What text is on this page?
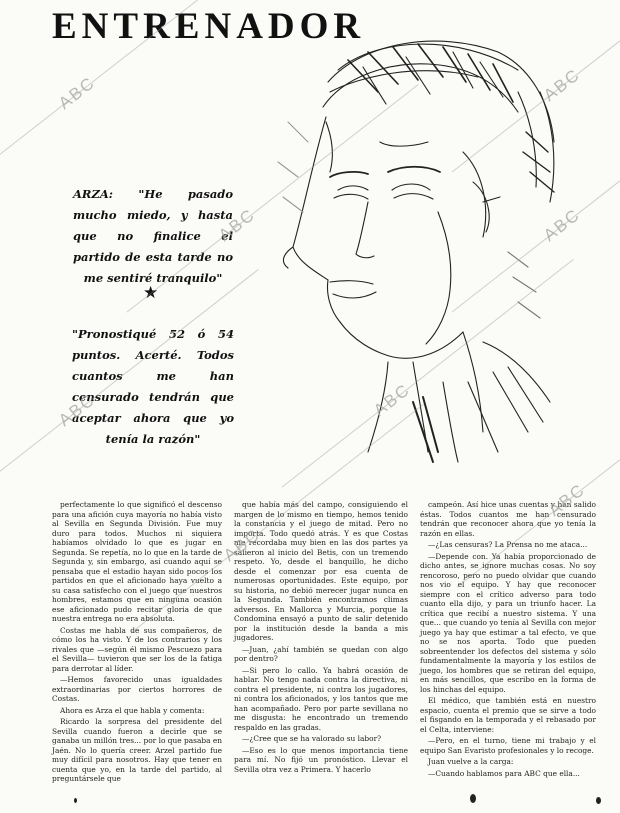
ENTRENADOR

ARZA: "He pasado mucho miedo, y hasta que no finalice el partido de esta tarde no me sentiré tranquilo"

★

"Pronostiqué 52 ó 54 puntos. Acerté. Todos cuantos me han censurado tendrán que aceptar ahora que yo tenía la razón"

perfectamente lo que significó el descenso para una afición cuya mayoría no había visto al Sevilla en Segunda División. Fue muy duro para todos. Muchos ni siquiera habíamos olvidado lo que es jugar en Segunda. Se repetía, no lo que en la tarde de Segunda y, sin embargo, así cuando aquí se pensaba que el estadio hayan sido pocos los partidos en que el aficionado haya vuelto a su casa satisfecho con el juego que nuestros hombres, estamos que en ninguna ocasión ese aficionado pudo recitar gloria de que nuestra entrega no era absoluta.

Costas me habla de sus compañeros, de cómo los ha visto. Y de los contrarios y los rivales que —según él mismo Pescuezo para el Sevilla— tuvieron que ser los de la fatiga para derrotar al líder.

—Hemos favorecido unas igualdades extraordinarias por ciertos horrores de Costas.

Ahora es Arza el que habla y comenta:

Ricardo la sorpresa del presidente del Sevilla cuando fueron a decirle que se ganaba un millón tres... por lo que pasaba en Jaén. No lo quería creer. Arzel partido fue muy difícil para nosotros. Hay que tener en cuenta que yo, en la tarde del partido, al preguntársele que

que había más del campo, consiguiendo el margen de lo mismo en tiempo, hemos tenido la constancia y el juego de mitad. Pero no importa. Todo quedó atrás. Y es que Costas me recordaba muy bien en las dos partes ya salieron al inicio del Betis, con un tremendo respeto. Yo, desde el banquillo, he dicho desde el comenzar por esa cuenta de numerosas oportunidades. Este equipo, por su historia, no debió merecer jugar nunca en la Segunda. También encontramos climas adversos. En Mallorca y Murcia, porque la Condomina ensayó a punto de salir detenido por la institución desde la banda a mis jugadores.

—Juan, ¿ahí también se quedan con algo por dentro?

—Si pero lo callo. Ya habrá ocasión de hablar. No tengo nada contra la directiva, ni contra el presidente, ni contra los jugadores, ni contra los aficionados, y los tantos que me han acompañado. Pero por parte sevillana no me disgusta: he encontrado un tremendo respaldo en las gradas.

—¿Cree que se ha valorado su labor?

—Eso es lo que menos importancia tiene para mí. No fijó un pronóstico. Llevar el Sevilla otra vez a Primera. Y hacerlo

campeón. Así hice unas cuentas y han salido éstas. Todos cuantos me han censurado tendrán que reconocer ahora que yo tenía la razón en ellas.

—¿Las censuras? La Prensa no me ataca...

—Depende con. Ya había proporcionado de dicho antes, se ignore muchas cosas. No soy rencoroso, pero no puedo olvidar que cuando nos vio el equipo. Y hay que reconocer siempre con el crítico adverso para todo cuanto ella dijo, y para un triunfo hacer. La crítica que recibí a nuestro sistema. Y una que... que cuando yo tenía al Sevilla con mejor juego ya hay que estimar a tal efecto, ve que no se nos aporta. Todo que pueden sobreentender los defectos del sistema y sólo fundamentalmente la mayoría y los estilos de juego, los hombres que se retiran del equipo, en más sencillos, que escribo en la forma de los hinchas del equipo.

El médico, que también está en nuestro espacio, cuenta el premio que se sirve a todo el fisgando en la temporada y el rebasado por el Celta, interviene:

—Pero, en el turno, tiene mi trabajo y el equipo San Evaristo profesionales y lo recoge.

Juan vuelve a la carga:

—Cuando hablamos para ABC que ella...

ABC
ABC	ABC
ABC
ABC
ABC
ABC
ABC
